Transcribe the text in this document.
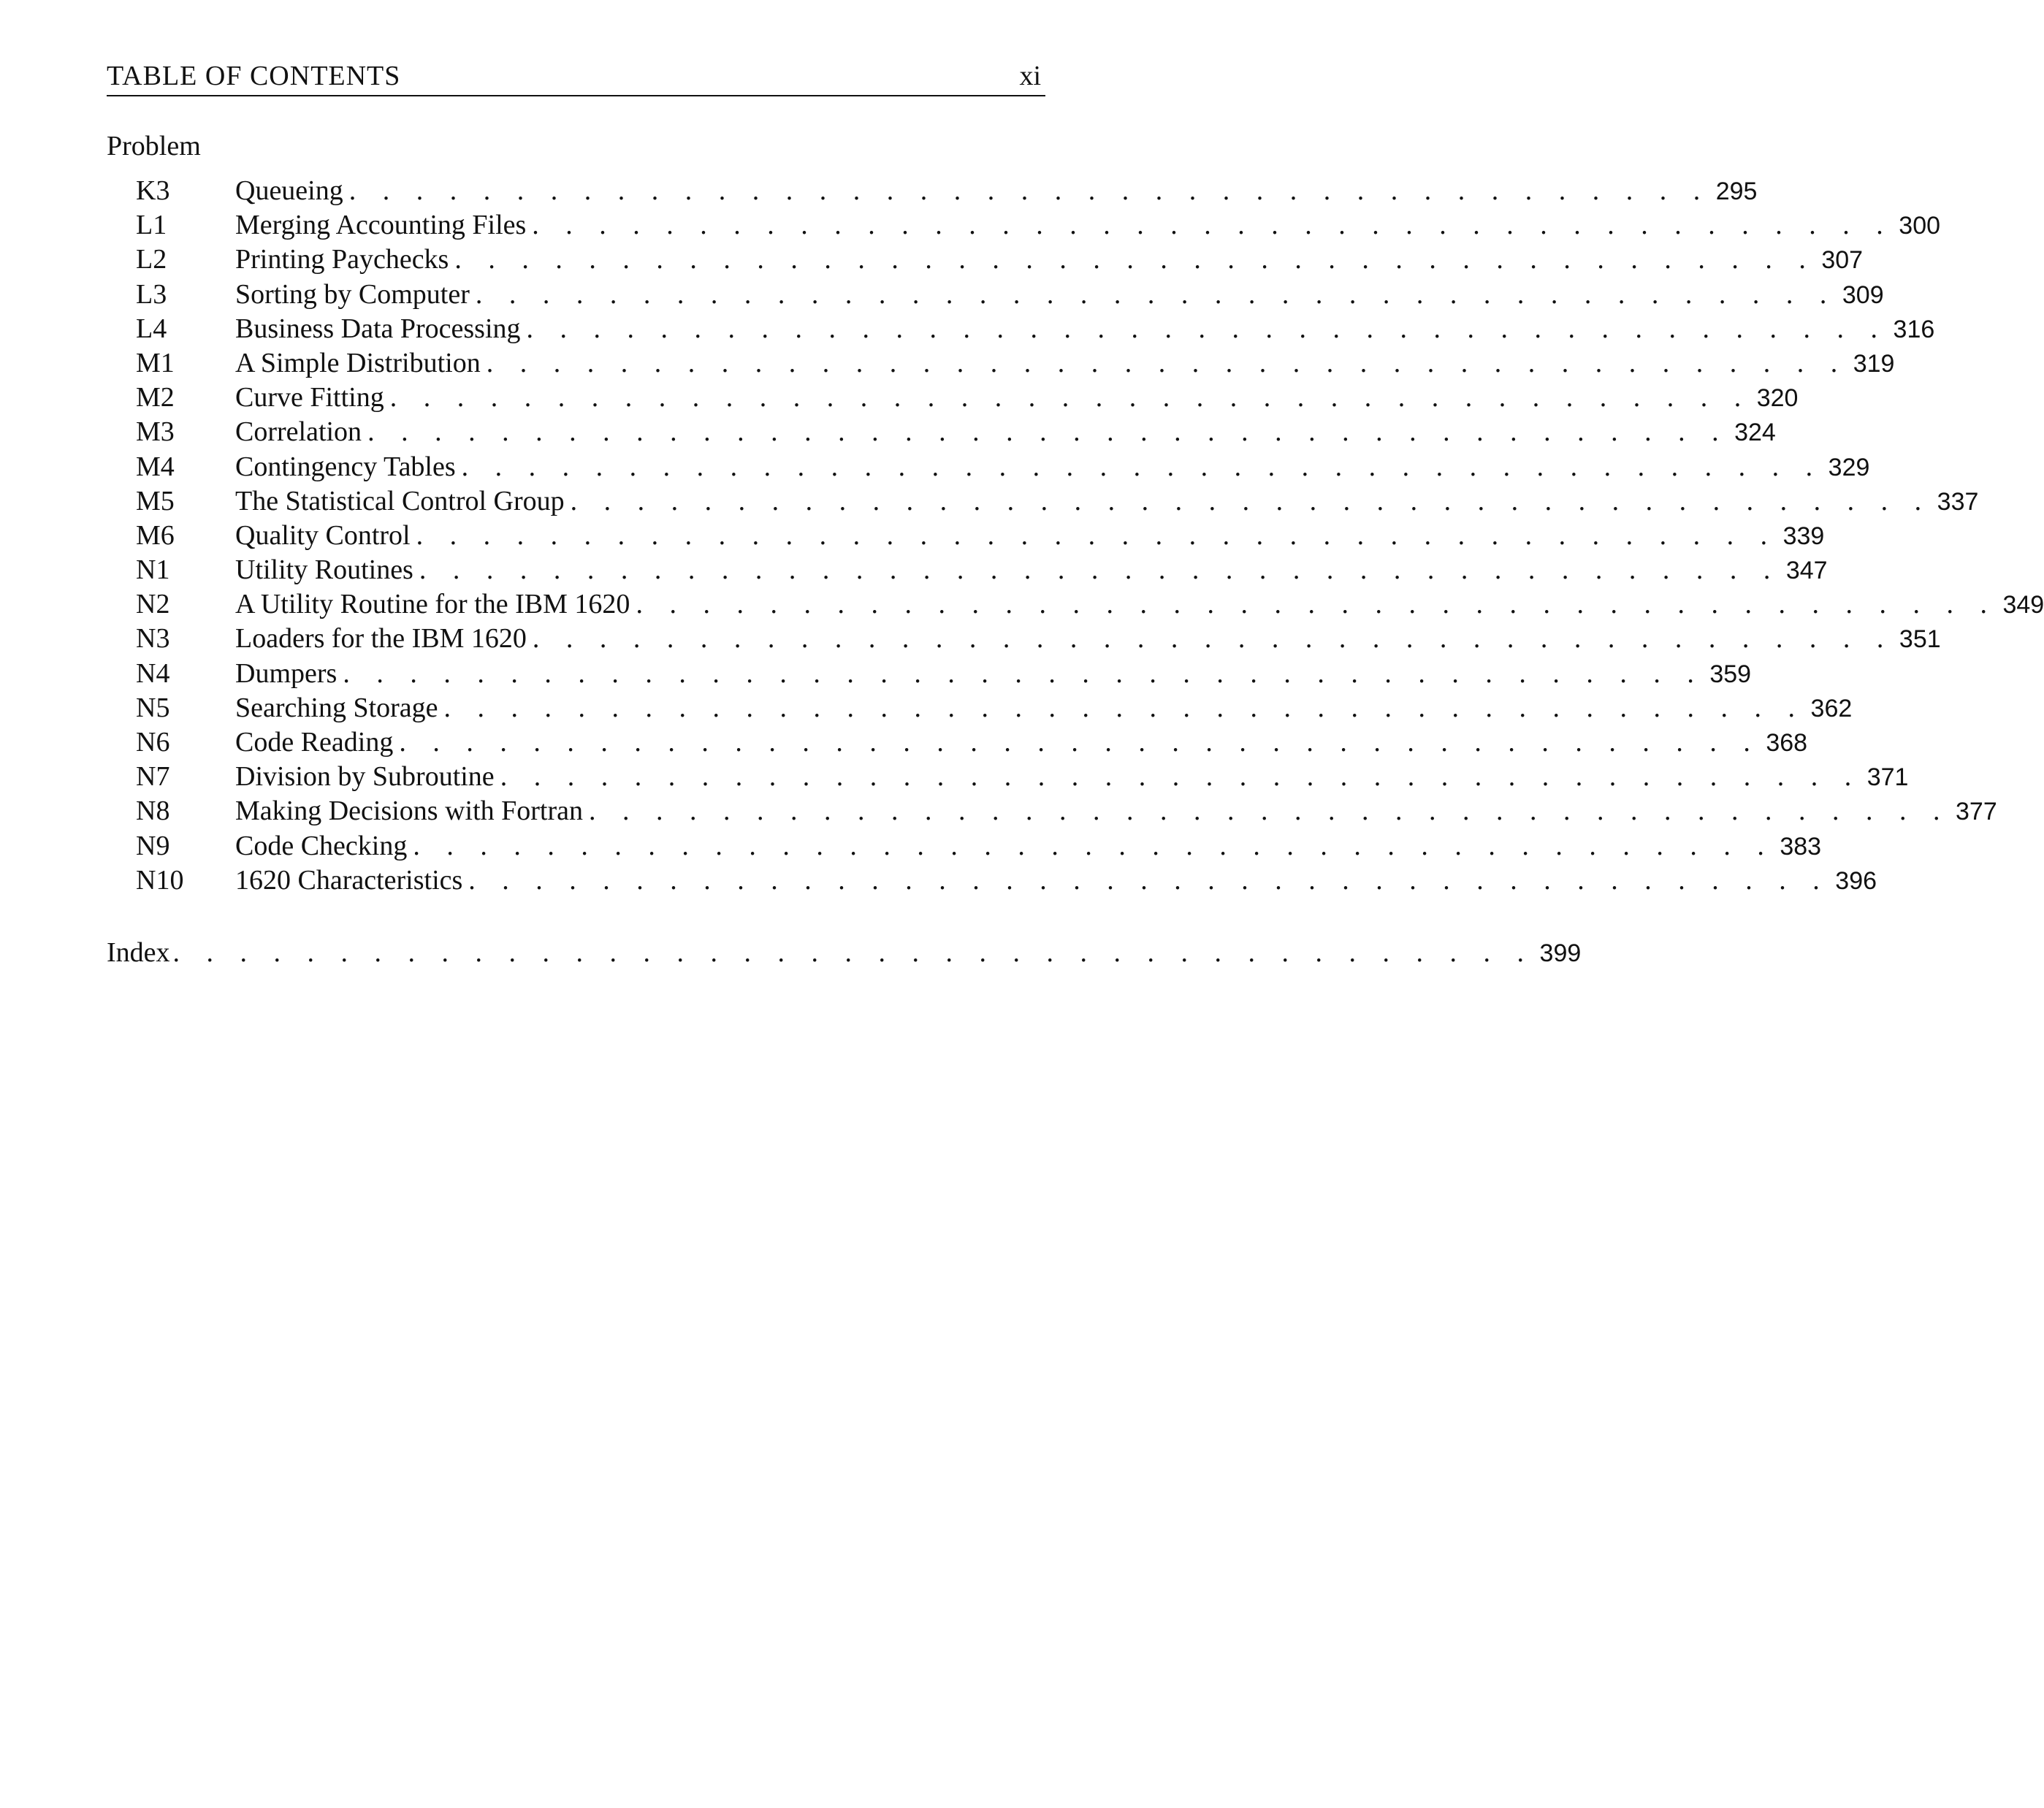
TABLE OF CONTENTS	xi
Problem
K3 Queueing . . . . . . . . . . . . . . . . . . . . . . . . . . . . . . . . . . . . . . . . . 295
L1 Merging Accounting Files . . . . . . . . . . . . . . . . . . . . . . . . . . . . . . . . . . . . . . . . . 300
L2 Printing Paychecks . . . . . . . . . . . . . . . . . . . . . . . . . . . . . . . . . . . . . . . . . 307
L3 Sorting by Computer . . . . . . . . . . . . . . . . . . . . . . . . . . . . . . . . . . . . . . . . . 309
L4 Business Data Processing . . . . . . . . . . . . . . . . . . . . . . . . . . . . . . . . . . . . . . . . . 316
M1 A Simple Distribution . . . . . . . . . . . . . . . . . . . . . . . . . . . . . . . . . . . . . . . . . 319
M2 Curve Fitting . . . . . . . . . . . . . . . . . . . . . . . . . . . . . . . . . . . . . . . . . 320
M3 Correlation . . . . . . . . . . . . . . . . . . . . . . . . . . . . . . . . . . . . . . . . . 324
M4 Contingency Tables . . . . . . . . . . . . . . . . . . . . . . . . . . . . . . . . . . . . . . . . . 329
M5 The Statistical Control Group . . . . . . . . . . . . . . . . . . . . . . . . . . . . . . . . . . . . . . . . . 337
M6 Quality Control . . . . . . . . . . . . . . . . . . . . . . . . . . . . . . . . . . . . . . . . . 339
N1 Utility Routines . . . . . . . . . . . . . . . . . . . . . . . . . . . . . . . . . . . . . . . . . 347
N2 A Utility Routine for the IBM 1620 . . . . . . . . . . . . . . . . . . . . . . . . . . . . . . . . . . . . . . . . . 349
N3 Loaders for the IBM 1620 . . . . . . . . . . . . . . . . . . . . . . . . . . . . . . . . . . . . . . . . . 351
N4 Dumpers . . . . . . . . . . . . . . . . . . . . . . . . . . . . . . . . . . . . . . . . . 359
N5 Searching Storage . . . . . . . . . . . . . . . . . . . . . . . . . . . . . . . . . . . . . . . . . 362
N6 Code Reading . . . . . . . . . . . . . . . . . . . . . . . . . . . . . . . . . . . . . . . . . 368
N7 Division by Subroutine . . . . . . . . . . . . . . . . . . . . . . . . . . . . . . . . . . . . . . . . . 371
N8 Making Decisions with Fortran . . . . . . . . . . . . . . . . . . . . . . . . . . . . . . . . . . . . . . . . . 377
N9 Code Checking . . . . . . . . . . . . . . . . . . . . . . . . . . . . . . . . . . . . . . . . . 383
N10 1620 Characteristics . . . . . . . . . . . . . . . . . . . . . . . . . . . . . . . . . . . . . . . . . 396
Index . . . . . . . . . . . . . . . . . . . . . . . . . . . . . . . . . . . . . . . . . 399
